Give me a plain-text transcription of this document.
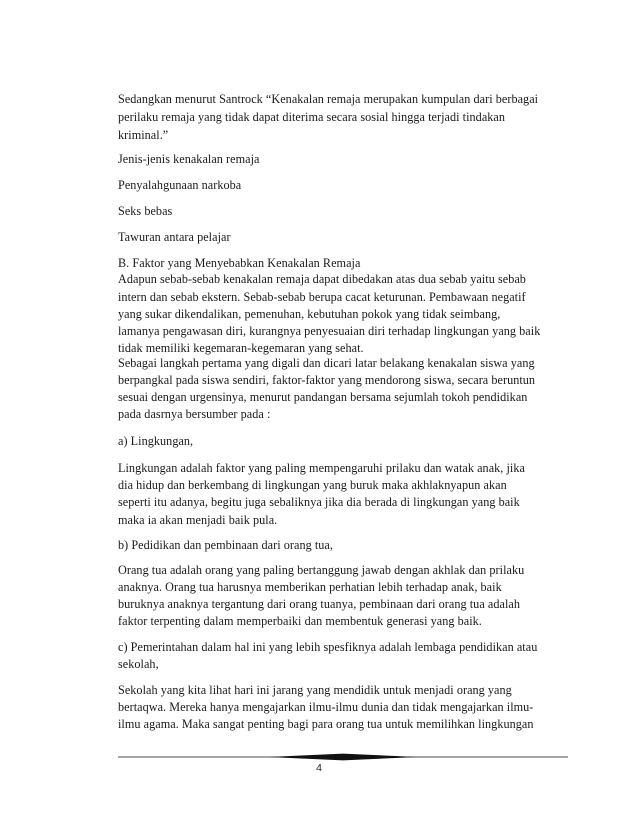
Sedangkan menurut Santrock “Kenakalan remaja merupakan kumpulan dari berbagai
perilaku remaja yang tidak dapat diterima secara sosial hingga terjadi tindakan
kriminal.”
Jenis-jenis kenakalan remaja
Penyalahgunaan narkoba
Seks bebas
Tawuran antara pelajar
B. Faktor yang Menyebabkan Kenakalan Remaja
Adapun sebab-sebab kenakalan remaja dapat dibedakan atas dua sebab yaitu sebab
intern dan sebab ekstern. Sebab-sebab berupa cacat keturunan. Pembawaan negatif
yang sukar dikendalikan, pemenuhan, kebutuhan pokok yang tidak seimbang,
lamanya pengawasan diri, kurangnya penyesuaian diri terhadap lingkungan yang baik
tidak memiliki kegemaran-kegemaran yang sehat.
Sebagai langkah pertama yang digali dan dicari latar belakang kenakalan siswa yang
berpangkal pada siswa sendiri, faktor-faktor yang mendorong siswa, secara beruntun
sesuai dengan urgensinya, menurut pandangan bersama sejumlah tokoh pendidikan
pada dasrnya bersumber pada :
a) Lingkungan,
Lingkungan adalah faktor yang paling mempengaruhi prilaku dan watak anak, jika
dia hidup dan berkembang di lingkungan yang buruk maka akhlaknyapun akan
seperti itu adanya, begitu juga sebaliknya jika dia berada di lingkungan yang baik
maka ia akan menjadi baik pula.
b) Pedidikan dan pembinaan dari orang tua,
Orang tua adalah orang yang paling bertanggung jawab dengan akhlak dan prilaku
anaknya. Orang tua harusnya memberikan perhatian lebih terhadap anak, baik
buruknya anaknya tergantung dari orang tuanya, pembinaan dari orang tua adalah
faktor terpenting dalam memperbaiki dan membentuk generasi yang baik.
c) Pemerintahan dalam hal ini yang lebih spesfiknya adalah lembaga pendidikan atau
sekolah,
Sekolah yang kita lihat hari ini jarang yang mendidik untuk menjadi orang yang
bertaqwa. Mereka hanya mengajarkan ilmu-ilmu dunia dan tidak mengajarkan ilmu-
ilmu agama. Maka sangat penting bagi para orang tua untuk memilihkan lingkungan
4
